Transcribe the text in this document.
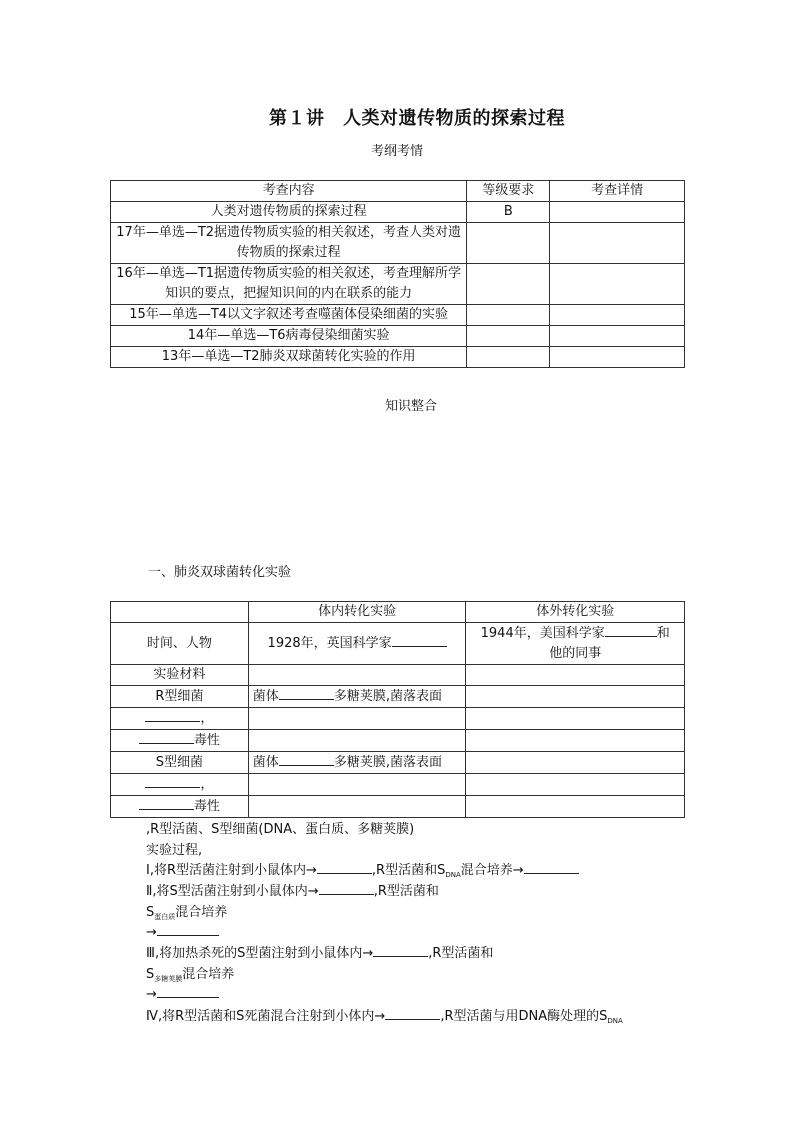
第１讲　人类对遗传物质的探索过程
考纲考情
考查内容	等级要求	考查详情
人类对遗传物质的探索过程	B	
17年—单选—T2据遗传物质实验的相关叙述，考查人类对遗传物质的探索过程		
16年—单选—T1据遗传物质实验的相关叙述，考查理解所学知识的要点，把握知识间的内在联系的能力		
15年—单选—T4以文字叙述考查噬菌体侵染细菌的实验		
14年—单选—T6病毒侵染细菌实验		
13年—单选—T2肺炎双球菌转化实验的作用		
知识整合
一、肺炎双球菌转化实验
	体内转化实验	体外转化实验
时间、人物	1928年，英国科学家	1944年，美国科学家 和
他的同事
实验材料		
R型细菌	菌体 多糖荚膜,菌落表面	
，		
毒性		
S型细菌	菌体 多糖荚膜,菌落表面	
，		
毒性		
,R型活菌、S型细菌(DNA、蛋白质、多糖荚膜)
实验过程,
Ⅰ,将R型活菌注射到小鼠体内→	,R型活菌和$S_{DNA}$混合培养→
Ⅱ,将S型活菌注射到小鼠体内→	,R型活菌和
$S_{蛋白质}$混合培养
→
Ⅲ,将加热杀死的S型菌注射到小鼠体内→	,R型活菌和
$S_{多糖荚膜}$混合培养
→
Ⅳ,将R型活菌和S死菌混合注射到小体内→	,R型活菌与用DNA酶处理的$S_{DNA}$
